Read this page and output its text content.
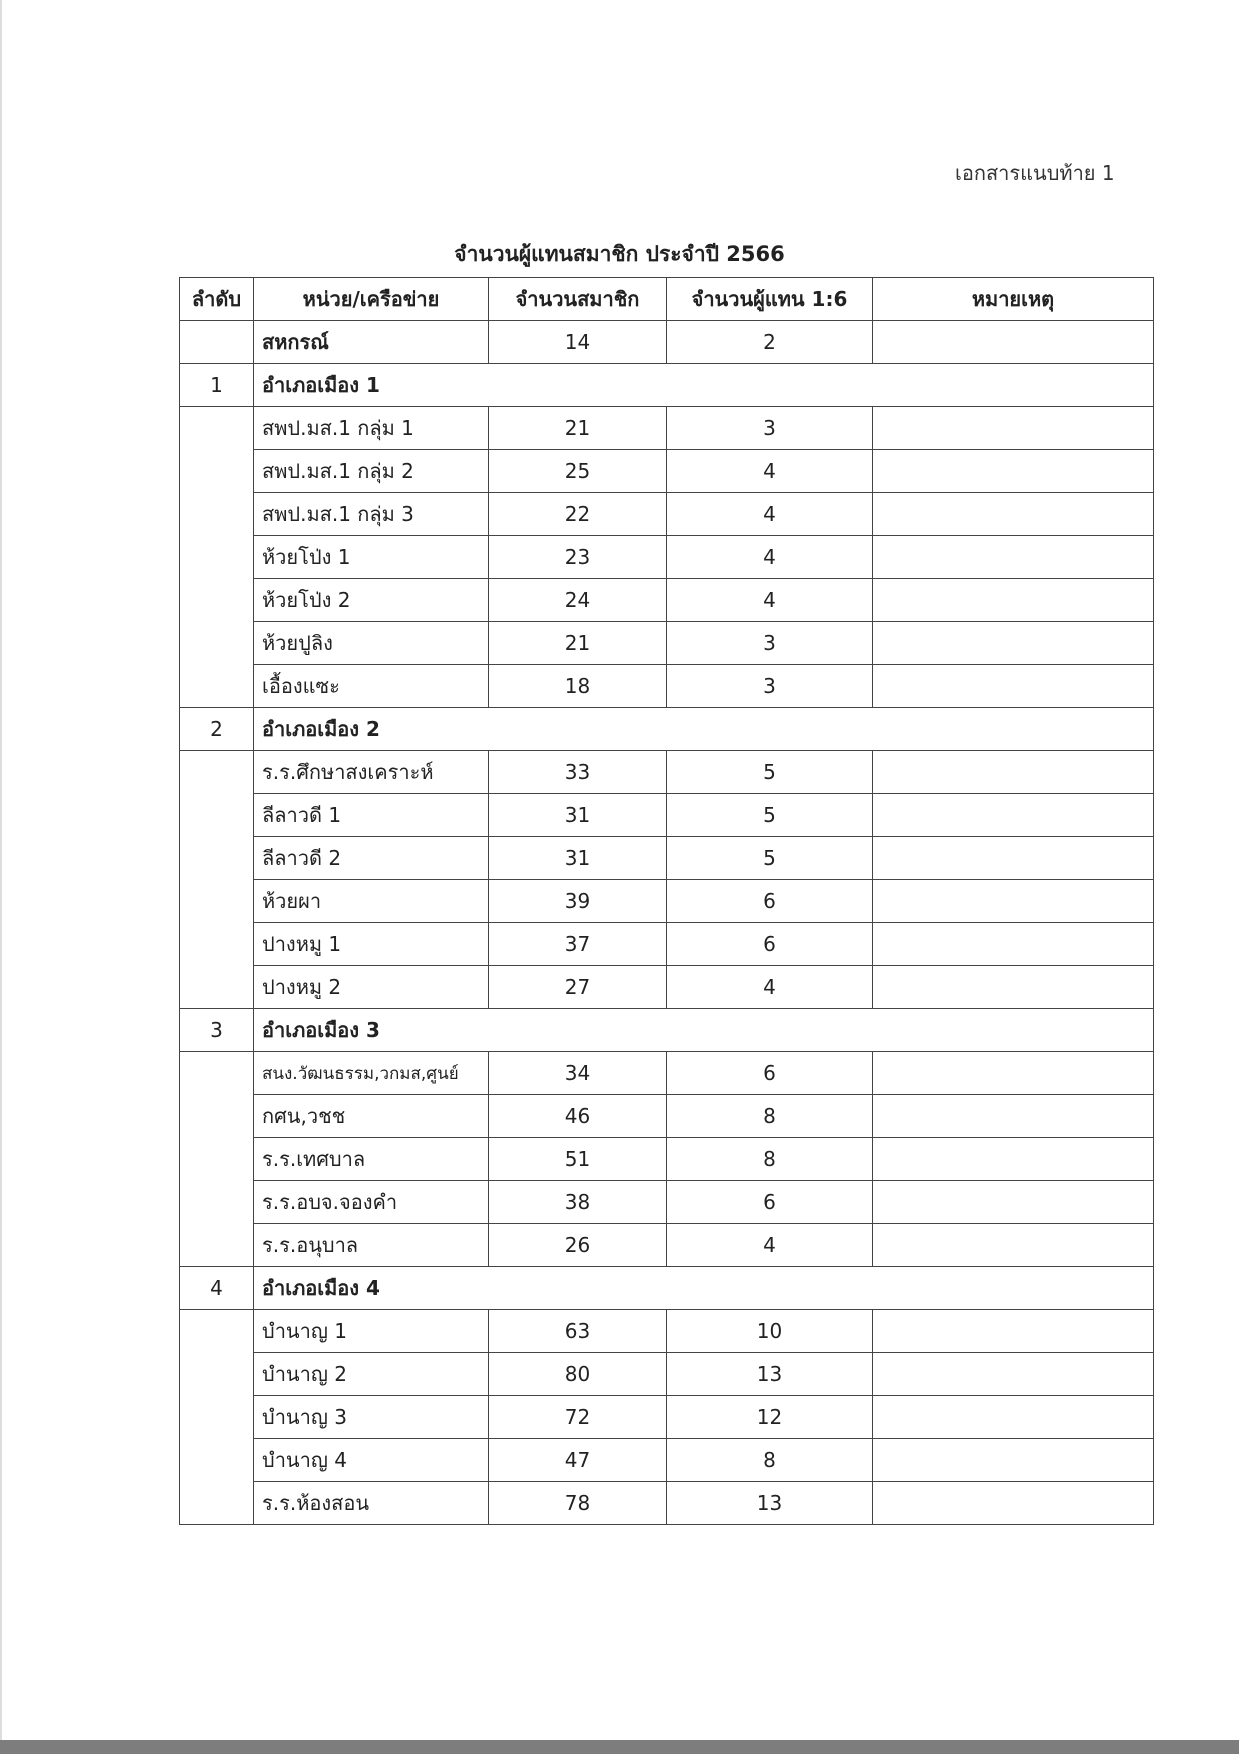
เอกสารแนบท้าย 1
จำนวนผู้แทนสมาชิก ประจำปี 2566
ลำดับ	หน่วย/เครือข่าย	จำนวนสมาชิก	จำนวนผู้แทน 1:6	หมายเหตุ
	สหกรณ์	14	2	
1	อำเภอเมือง 1			
	สพป.มส.1 กลุ่ม 1	21	3	
	สพป.มส.1 กลุ่ม 2	25	4	
	สพป.มส.1 กลุ่ม 3	22	4	
	ห้วยโป่ง 1	23	4	
	ห้วยโป่ง 2	24	4	
	ห้วยปูลิง	21	3	
	เอื้องแซะ	18	3	
2	อำเภอเมือง 2			
	ร.ร.ศึกษาสงเคราะห์	33	5	
	ลีลาวดี 1	31	5	
	ลีลาวดี 2	31	5	
	ห้วยผา	39	6	
	ปางหมู 1	37	6	
	ปางหมู 2	27	4	
3	อำเภอเมือง 3			
	สนง.วัฒนธรรม,วกมส,ศูนย์	34	6	
	กศน,วชช	46	8	
	ร.ร.เทศบาล	51	8	
	ร.ร.อบจ.จองคำ	38	6	
	ร.ร.อนุบาล	26	4	
4	อำเภอเมือง 4			
	บำนาญ 1	63	10	
	บำนาญ 2	80	13	
	บำนาญ 3	72	12	
	บำนาญ 4	47	8	
	ร.ร.ห้องสอน	78	13	
